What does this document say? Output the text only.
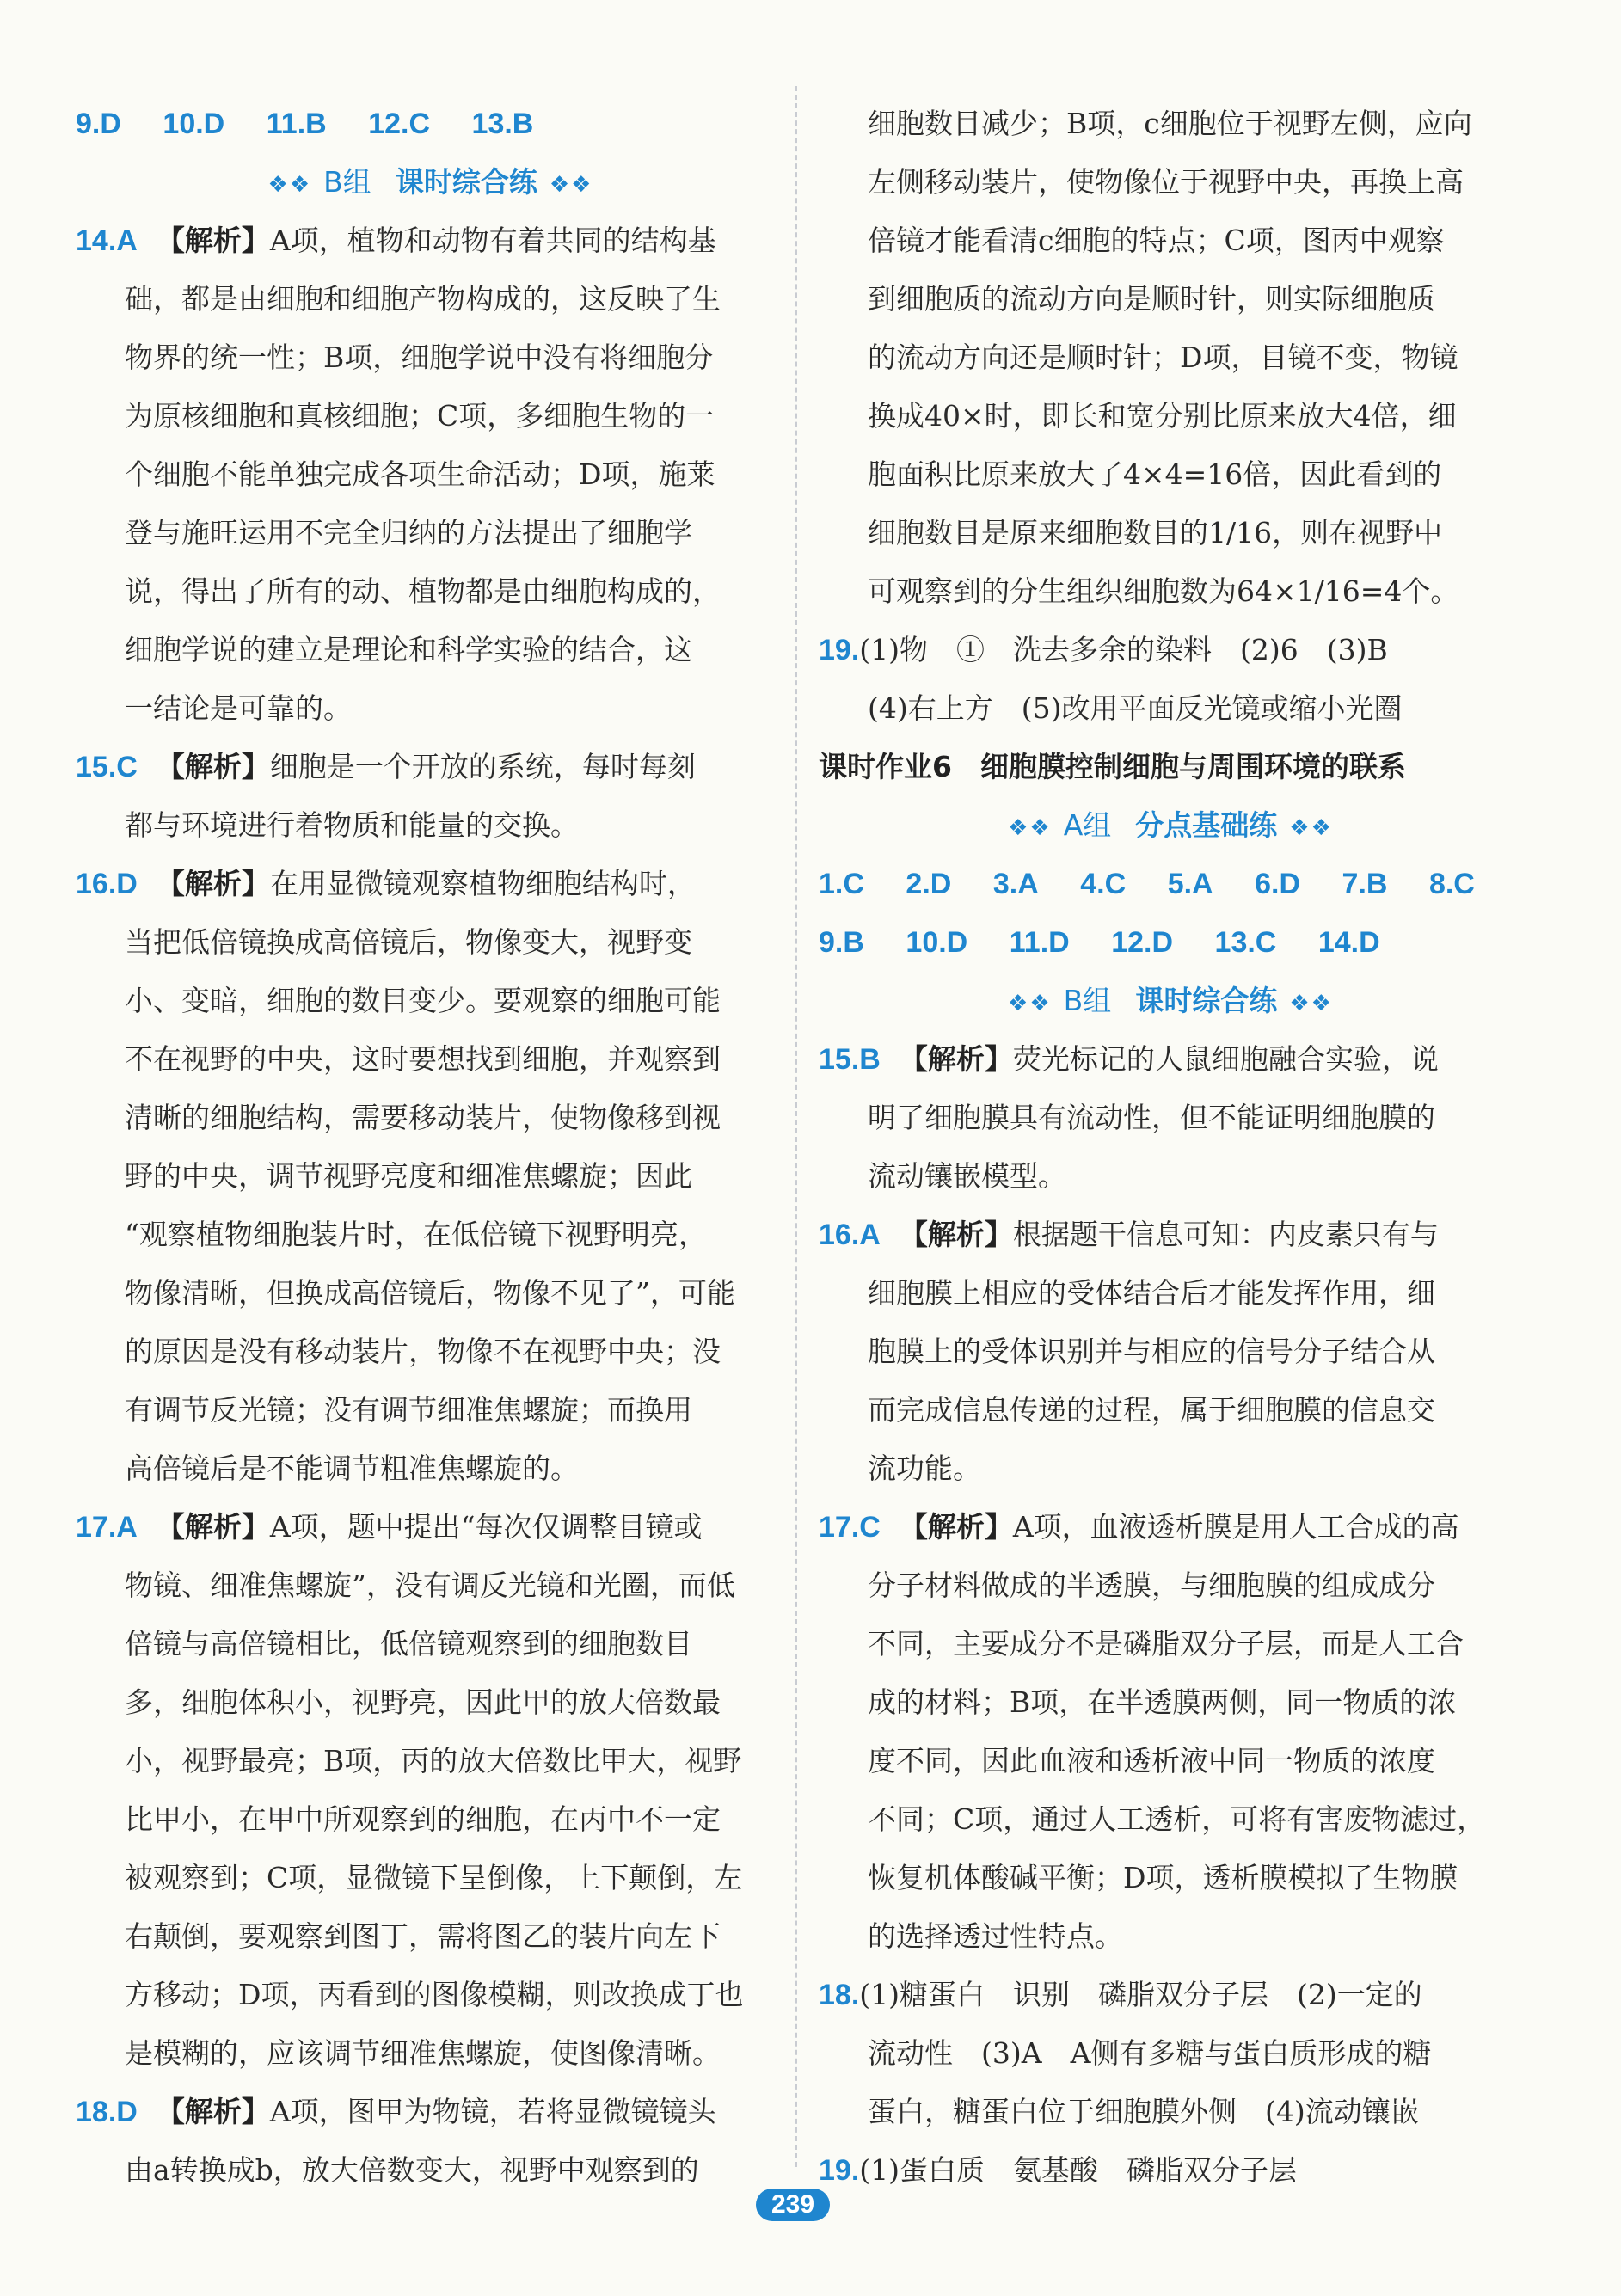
9.D 10.D 11.B 12.C 13.B
❖❖ B组 课时综合练 ❖❖
14.A 【解析】A项，植物和动物有着共同的结构基
础，都是由细胞和细胞产物构成的，这反映了生
物界的统一性；B项，细胞学说中没有将细胞分
为原核细胞和真核细胞；C项，多细胞生物的一
个细胞不能单独完成各项生命活动；D项，施莱
登与施旺运用不完全归纳的方法提出了细胞学
说，得出了所有的动、植物都是由细胞构成的，
细胞学说的建立是理论和科学实验的结合，这
一结论是可靠的。
15.C 【解析】细胞是一个开放的系统，每时每刻
都与环境进行着物质和能量的交换。
16.D 【解析】在用显微镜观察植物细胞结构时，
当把低倍镜换成高倍镜后，物像变大，视野变
小、变暗，细胞的数目变少。要观察的细胞可能
不在视野的中央，这时要想找到细胞，并观察到
清晰的细胞结构，需要移动装片，使物像移到视
野的中央，调节视野亮度和细准焦螺旋；因此
“观察植物细胞装片时，在低倍镜下视野明亮，
物像清晰，但换成高倍镜后，物像不见了”，可能
的原因是没有移动装片，物像不在视野中央；没
有调节反光镜；没有调节细准焦螺旋；而换用
高倍镜后是不能调节粗准焦螺旋的。
17.A 【解析】A项，题中提出“每次仅调整目镜或
物镜、细准焦螺旋”，没有调反光镜和光圈，而低
倍镜与高倍镜相比，低倍镜观察到的细胞数目
多，细胞体积小，视野亮，因此甲的放大倍数最
小，视野最亮；B项，丙的放大倍数比甲大，视野
比甲小，在甲中所观察到的细胞，在丙中不一定
被观察到；C项，显微镜下呈倒像，上下颠倒，左
右颠倒，要观察到图丁，需将图乙的装片向左下
方移动；D项，丙看到的图像模糊，则改换成丁也
是模糊的，应该调节细准焦螺旋，使图像清晰。
18.D 【解析】A项，图甲为物镜，若将显微镜镜头
由a转换成b，放大倍数变大，视野中观察到的
细胞数目减少；B项，c细胞位于视野左侧，应向
左侧移动装片，使物像位于视野中央，再换上高
倍镜才能看清c细胞的特点；C项，图丙中观察
到细胞质的流动方向是顺时针，则实际细胞质
的流动方向还是顺时针；D项，目镜不变，物镜
换成40×时，即长和宽分别比原来放大4倍，细
胞面积比原来放大了4×4=16倍，因此看到的
细胞数目是原来细胞数目的1/16，则在视野中
可观察到的分生组织细胞数为64×1/16=4个。
19.(1)物　①　洗去多余的染料　(2)6　(3)B
(4)右上方　(5)改用平面反光镜或缩小光圈
课时作业6　细胞膜控制细胞与周围环境的联系
❖❖ A组 分点基础练 ❖❖
1.C 2.D 3.A 4.C 5.A 6.D 7.B 8.C
9.B 10.D 11.D 12.D 13.C 14.D
❖❖ B组 课时综合练 ❖❖
15.B 【解析】荧光标记的人鼠细胞融合实验，说
明了细胞膜具有流动性，但不能证明细胞膜的
流动镶嵌模型。
16.A 【解析】根据题干信息可知：内皮素只有与
细胞膜上相应的受体结合后才能发挥作用，细
胞膜上的受体识别并与相应的信号分子结合从
而完成信息传递的过程，属于细胞膜的信息交
流功能。
17.C 【解析】A项，血液透析膜是用人工合成的高
分子材料做成的半透膜，与细胞膜的组成成分
不同，主要成分不是磷脂双分子层，而是人工合
成的材料；B项，在半透膜两侧，同一物质的浓
度不同，因此血液和透析液中同一物质的浓度
不同；C项，通过人工透析，可将有害废物滤过，
恢复机体酸碱平衡；D项，透析膜模拟了生物膜
的选择透过性特点。
18.(1)糖蛋白　识别　磷脂双分子层　(2)一定的
流动性　(3)A　A侧有多糖与蛋白质形成的糖
蛋白，糖蛋白位于细胞膜外侧　(4)流动镶嵌
19.(1)蛋白质　氨基酸　磷脂双分子层
239
